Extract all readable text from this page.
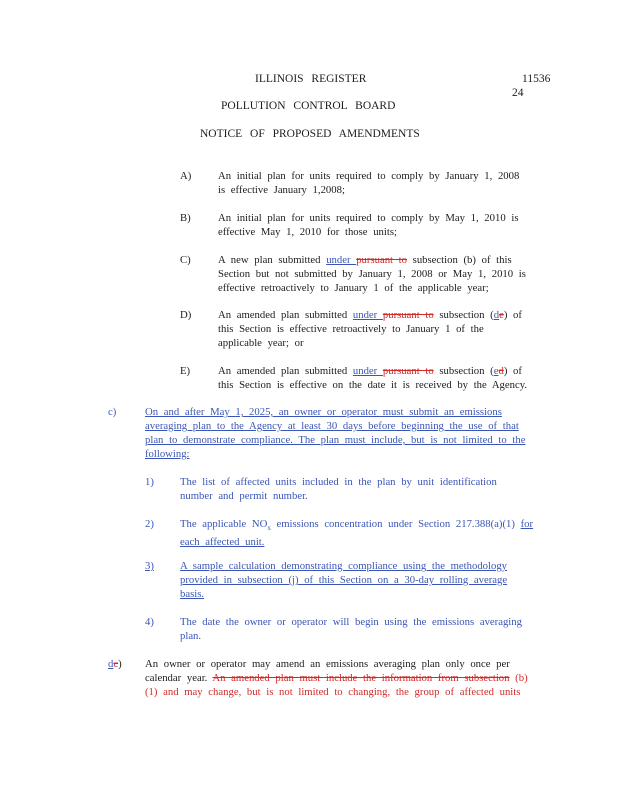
ILLINOIS REGISTER	11536
24
POLLUTION CONTROL BOARD
NOTICE OF PROPOSED AMENDMENTS
A) An initial plan for units required to comply by January 1, 2008 is effective January 1,2008;
B)	An initial plan for units required to comply by May 1, 2010 is effective May 1, 2010 for those units;
C)	A new plan submitted under pursuant to subsection (b) of this Section but not submitted by January 1, 2008 or May 1, 2010 is effective retroactively to January 1 of the applicable year;
D) An amended plan submitted under pursuant to subsection (de) of this Section is effective retroactively to January 1 of the applicable year; or
E)	An amended plan submitted under pursuant to subsection (ed) of this Section is effective on the date it is received by the Agency.
c)	On and after May 1, 2025, an owner or operator must submit an emissions averaging plan to the Agency at least 30 days before beginning the use of that plan to demonstrate compliance. The plan must include, but is not limited to the following:
1) The list of affected units included in the plan by unit identification number and permit number.
2) The applicable $NO_x$ emissions concentration under Section 217.388(a)(1) for each affected unit.
3) A sample calculation demonstrating compliance using the methodology provided in subsection (j) of this Section on a 30-day rolling average basis.
4) The date the owner or operator will begin using the emissions averaging plan.
dc) An owner or operator may amend an emissions averaging plan only once per calendar year. An amended plan must include the information from subsection (b)(1) and may change, but is not limited to changing, the group of affected units
